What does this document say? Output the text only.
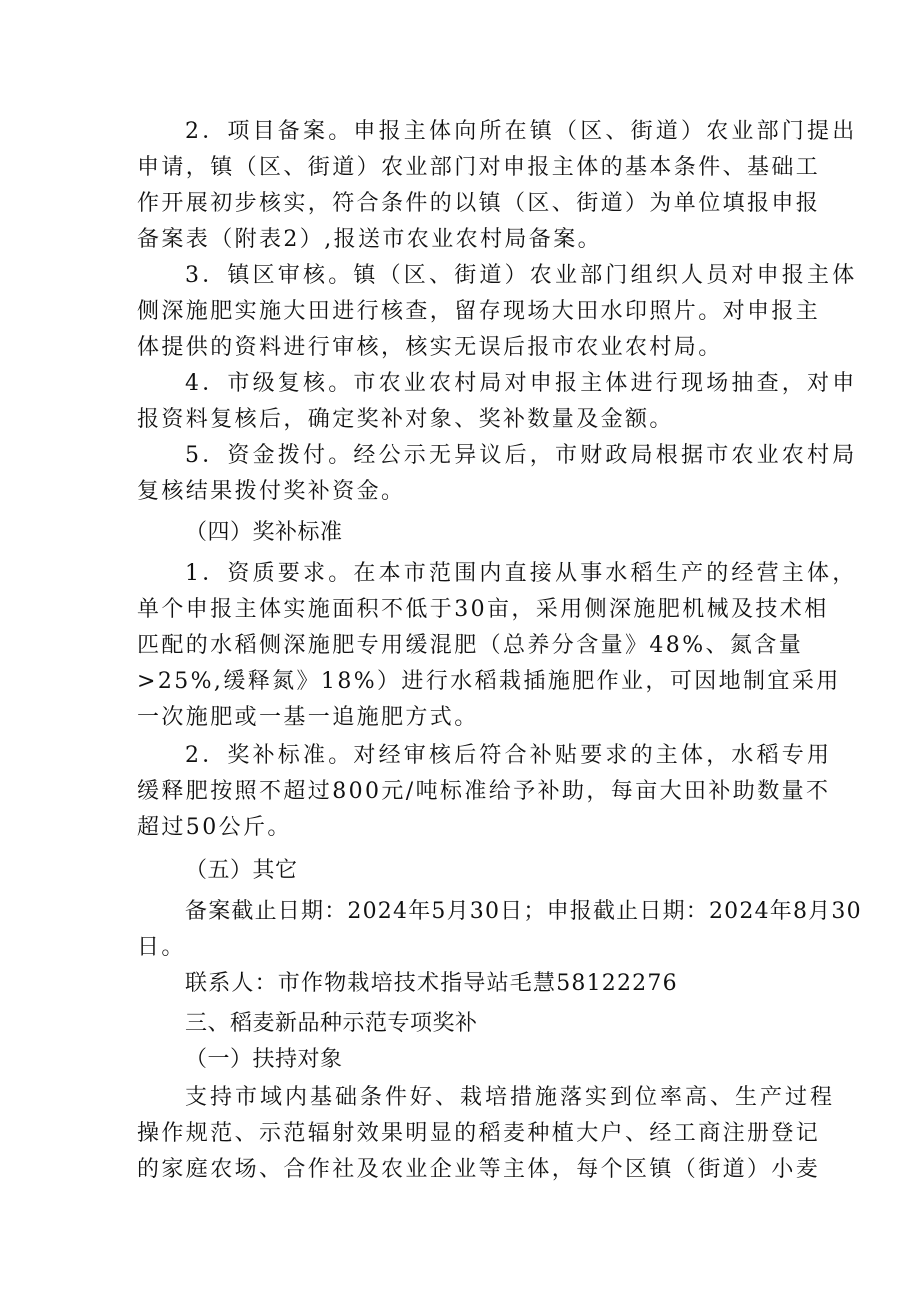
2．项目备案。申报主体向所在镇（区、街道）农业部门提出
申请，镇（区、街道）农业部门对申报主体的基本条件、基础工
作开展初步核实，符合条件的以镇（区、街道）为单位填报申报
备案表（附表2）,报送市农业农村局备案。
3．镇区审核。镇（区、街道）农业部门组织人员对申报主体
侧深施肥实施大田进行核查，留存现场大田水印照片。对申报主
体提供的资料进行审核，核实无误后报市农业农村局。
4．市级复核。市农业农村局对申报主体进行现场抽查，对申
报资料复核后，确定奖补对象、奖补数量及金额。
5．资金拨付。经公示无异议后，市财政局根据市农业农村局
复核结果拨付奖补资金。
（四）奖补标准
1．资质要求。在本市范围内直接从事水稻生产的经营主体，
单个申报主体实施面积不低于30亩，采用侧深施肥机械及技术相
匹配的水稻侧深施肥专用缓混肥（总养分含量》48%、氮含量
>25%,缓释氮》18%）进行水稻栽插施肥作业，可因地制宜采用
一次施肥或一基一追施肥方式。
2．奖补标准。对经审核后符合补贴要求的主体，水稻专用
缓释肥按照不超过800元/吨标准给予补助，每亩大田补助数量不
超过50公斤。
（五）其它
备案截止日期：2024年5月30日；申报截止日期：2024年8月30
日。
联系人：市作物栽培技术指导站毛慧58122276
三、稻麦新品种示范专项奖补
（一）扶持对象
支持市域内基础条件好、栽培措施落实到位率高、生产过程
操作规范、示范辐射效果明显的稻麦种植大户、经工商注册登记
的家庭农场、合作社及农业企业等主体，每个区镇（街道）小麦
